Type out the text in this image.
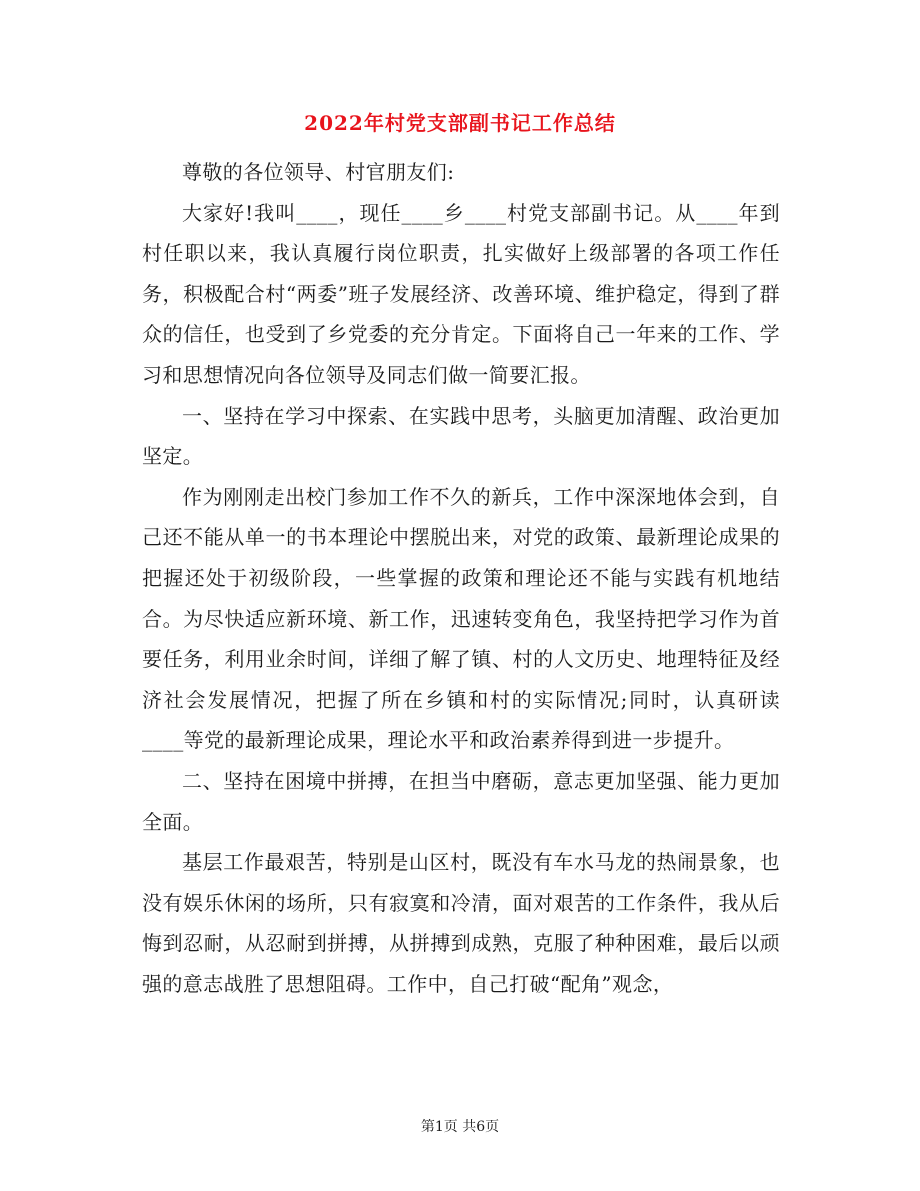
2022年村党支部副书记工作总结

尊敬的各位领导、村官朋友们:

大家好!我叫____，现任____乡____村党支部副书记。从____年到村任职以来，我认真履行岗位职责，扎实做好上级部署的各项工作任务，积极配合村“两委”班子发展经济、改善环境、维护稳定，得到了群众的信任，也受到了乡党委的充分肯定。下面将自己一年来的工作、学习和思想情况向各位领导及同志们做一简要汇报。

一、坚持在学习中探索、在实践中思考，头脑更加清醒、政治更加坚定。

作为刚刚走出校门参加工作不久的新兵，工作中深深地体会到，自己还不能从单一的书本理论中摆脱出来，对党的政策、最新理论成果的把握还处于初级阶段，一些掌握的政策和理论还不能与实践有机地结合。为尽快适应新环境、新工作，迅速转变角色，我坚持把学习作为首要任务，利用业余时间，详细了解了镇、村的人文历史、地理特征及经济社会发展情况，把握了所在乡镇和村的实际情况;同时，认真研读____等党的最新理论成果，理论水平和政治素养得到进一步提升。

二、坚持在困境中拼搏，在担当中磨砺，意志更加坚强、能力更加全面。

基层工作最艰苦，特别是山区村，既没有车水马龙的热闹景象，也没有娱乐休闲的场所，只有寂寞和冷清，面对艰苦的工作条件，我从后悔到忍耐，从忍耐到拼搏，从拼搏到成熟，克服了种种困难，最后以顽强的意志战胜了思想阻碍。工作中，自己打破“配角”观念，

第1页 共6页
